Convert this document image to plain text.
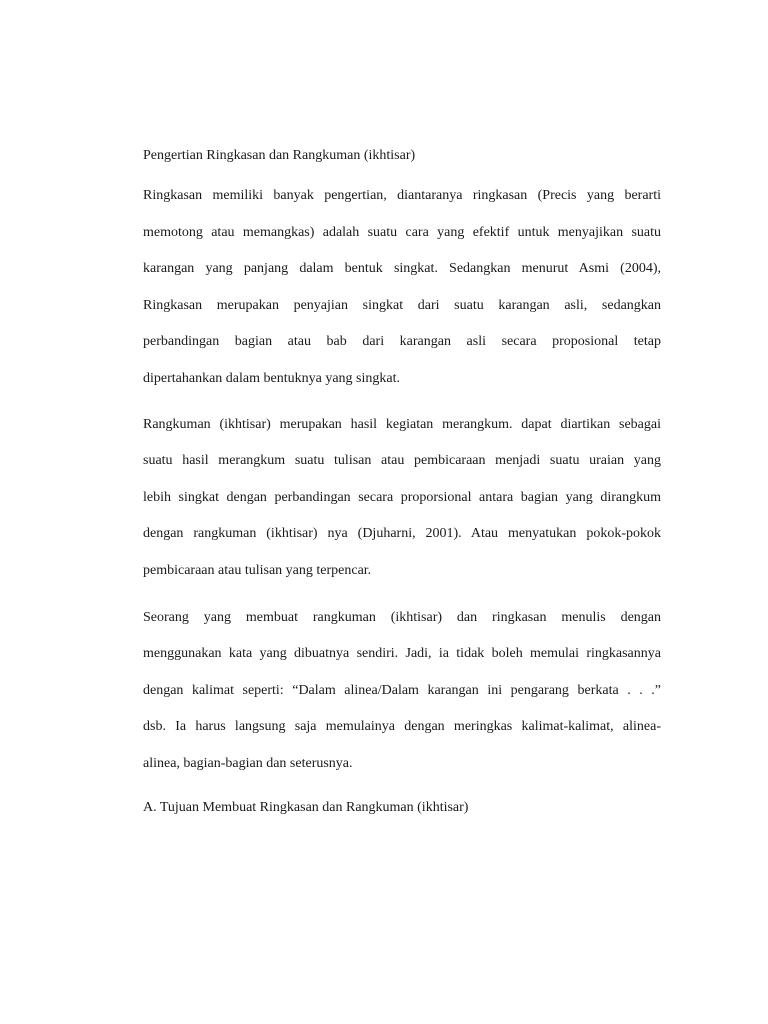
Pengertian Ringkasan dan Rangkuman (ikhtisar)

Ringkasan memiliki banyak pengertian, diantaranya ringkasan (Precis yang berarti
memotong atau memangkas) adalah suatu cara yang efektif untuk menyajikan suatu
karangan yang panjang dalam bentuk singkat. Sedangkan menurut Asmi (2004),
Ringkasan merupakan penyajian singkat dari suatu karangan asli, sedangkan
perbandingan bagian atau bab dari karangan asli secara proposional tetap
dipertahankan dalam bentuknya yang singkat.
Rangkuman (ikhtisar) merupakan hasil kegiatan merangkum. dapat diartikan sebagai
suatu hasil merangkum suatu tulisan atau pembicaraan menjadi suatu uraian yang
lebih singkat dengan perbandingan secara proporsional antara bagian yang dirangkum
dengan rangkuman (ikhtisar) nya (Djuharni, 2001). Atau menyatukan pokok-pokok
pembicaraan atau tulisan yang terpencar.
Seorang yang membuat rangkuman (ikhtisar) dan ringkasan menulis dengan
menggunakan kata yang dibuatnya sendiri. Jadi, ia tidak boleh memulai ringkasannya
dengan kalimat seperti: “Dalam alinea/Dalam karangan ini pengarang berkata . . .”
dsb. Ia harus langsung saja memulainya dengan meringkas kalimat-kalimat, alinea-
alinea, bagian-bagian dan seterusnya.

A. Tujuan Membuat Ringkasan dan Rangkuman (ikhtisar)
